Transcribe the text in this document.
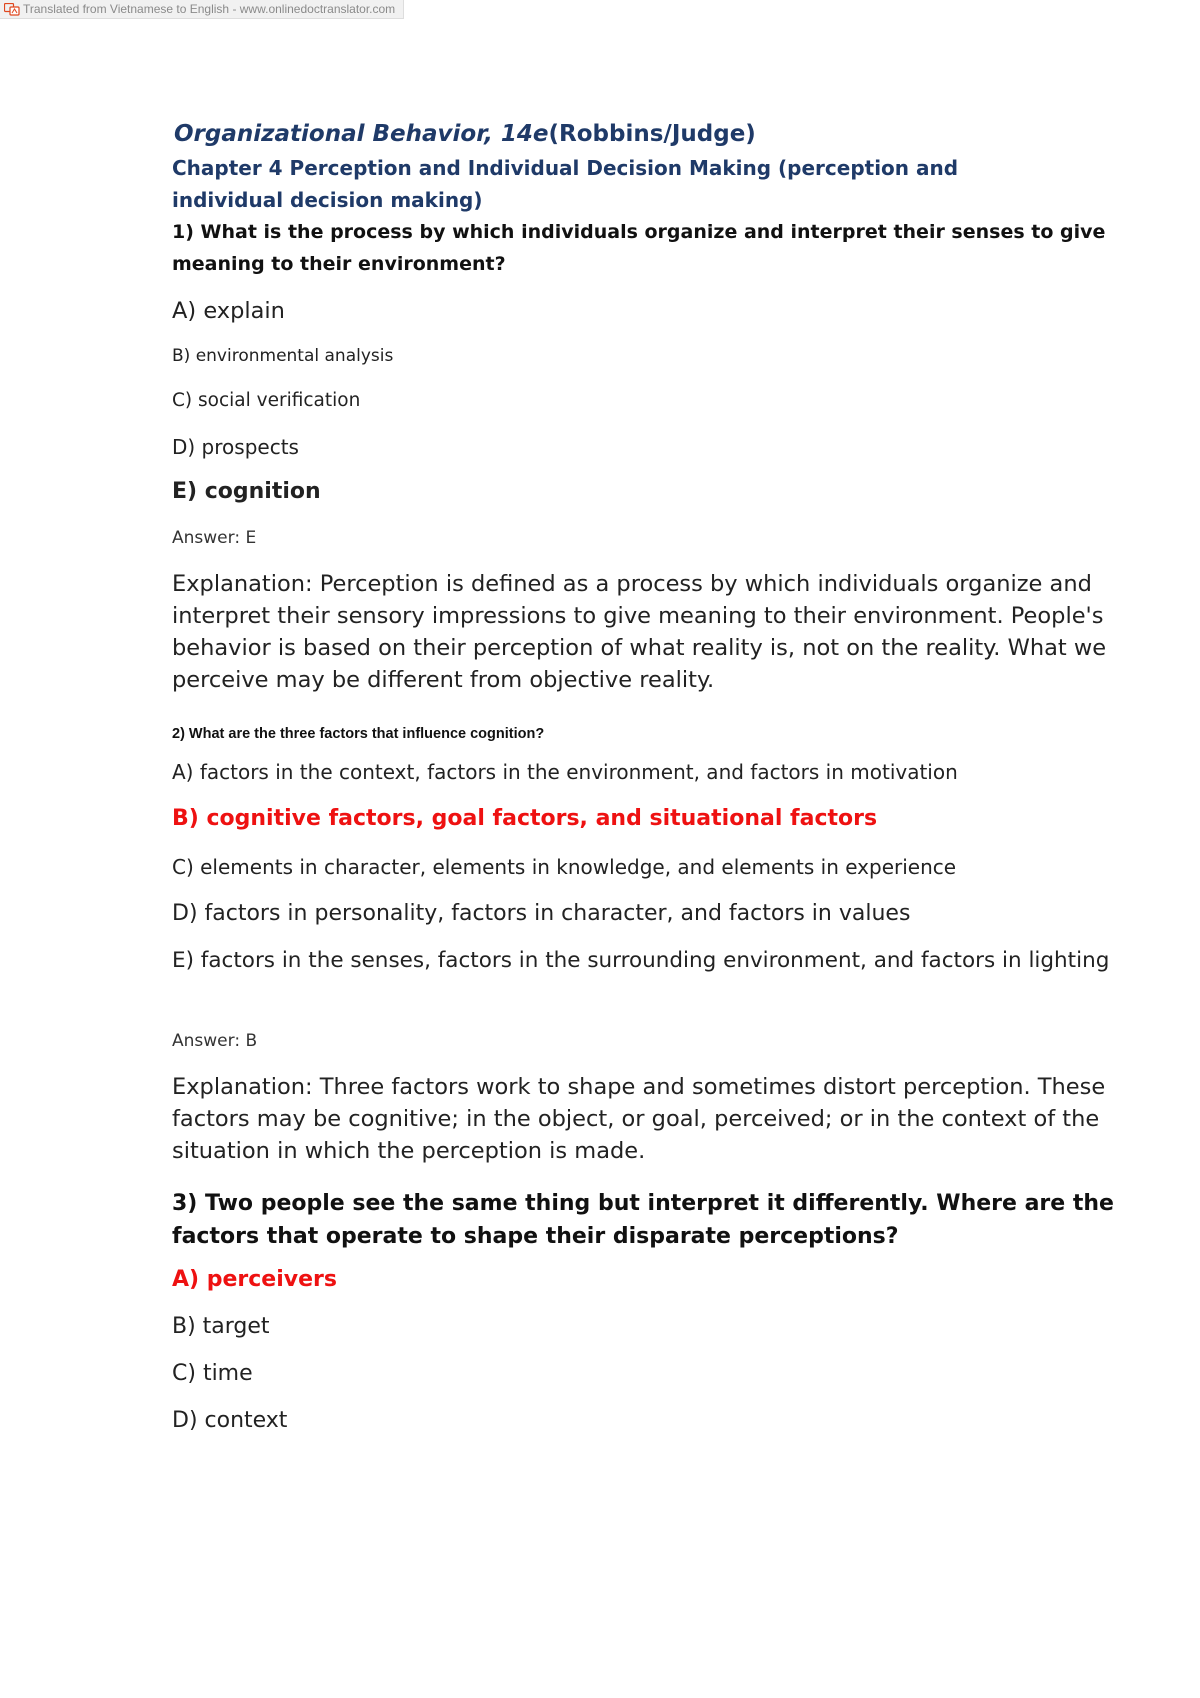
Translated from Vietnamese to English - www.onlinedoctranslator.com

Organizational Behavior, 14e(Robbins/Judge)

Chapter 4 Perception and Individual Decision Making (perception and individual decision making)

1) What is the process by which individuals organize and interpret their senses to give meaning to their environment?

A) explain

B) environmental analysis

C) social verification

D) prospects

E) cognition

Answer: E

Explanation: Perception is defined as a process by which individuals organize and interpret their sensory impressions to give meaning to their environment. People's behavior is based on their perception of what reality is, not on the reality. What we perceive may be different from objective reality.

2) What are the three factors that influence cognition?

A) factors in the context, factors in the environment, and factors in motivation

B) cognitive factors, goal factors, and situational factors

C) elements in character, elements in knowledge, and elements in experience

D) factors in personality, factors in character, and factors in values

E) factors in the senses, factors in the surrounding environment, and factors in lighting

Answer: B

Explanation: Three factors work to shape and sometimes distort perception. These factors may be cognitive; in the object, or goal, perceived; or in the context of the situation in which the perception is made.

3) Two people see the same thing but interpret it differently. Where are the factors that operate to shape their disparate perceptions?

A) perceivers

B) target

C) time

D) context
